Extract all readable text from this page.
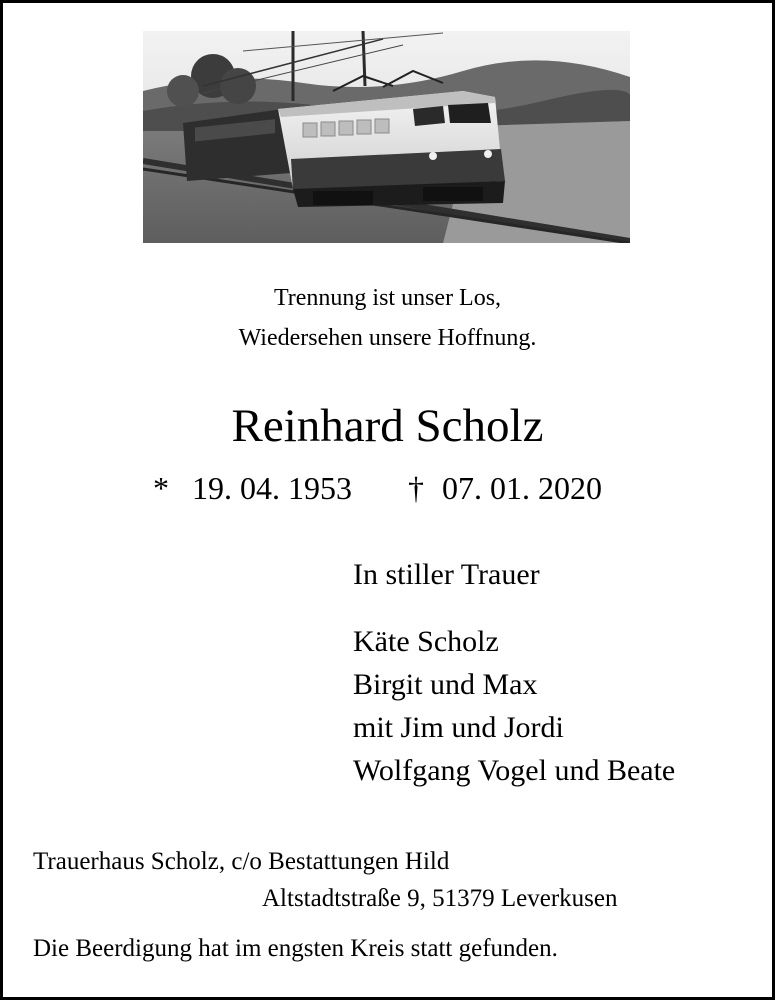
Trennung ist unser Los,
Wiedersehen unsere Hoffnung.
Reinhard Scholz
* 19. 04. 1953 † 07. 01. 2020
In stiller Trauer
Käte Scholz
Birgit und Max
mit Jim und Jordi
Wolfgang Vogel und Beate
Trauerhaus Scholz, c/o Bestattungen Hild
Altstadtstraße 9, 51379 Leverkusen
Die Beerdigung hat im engsten Kreis statt gefunden.
